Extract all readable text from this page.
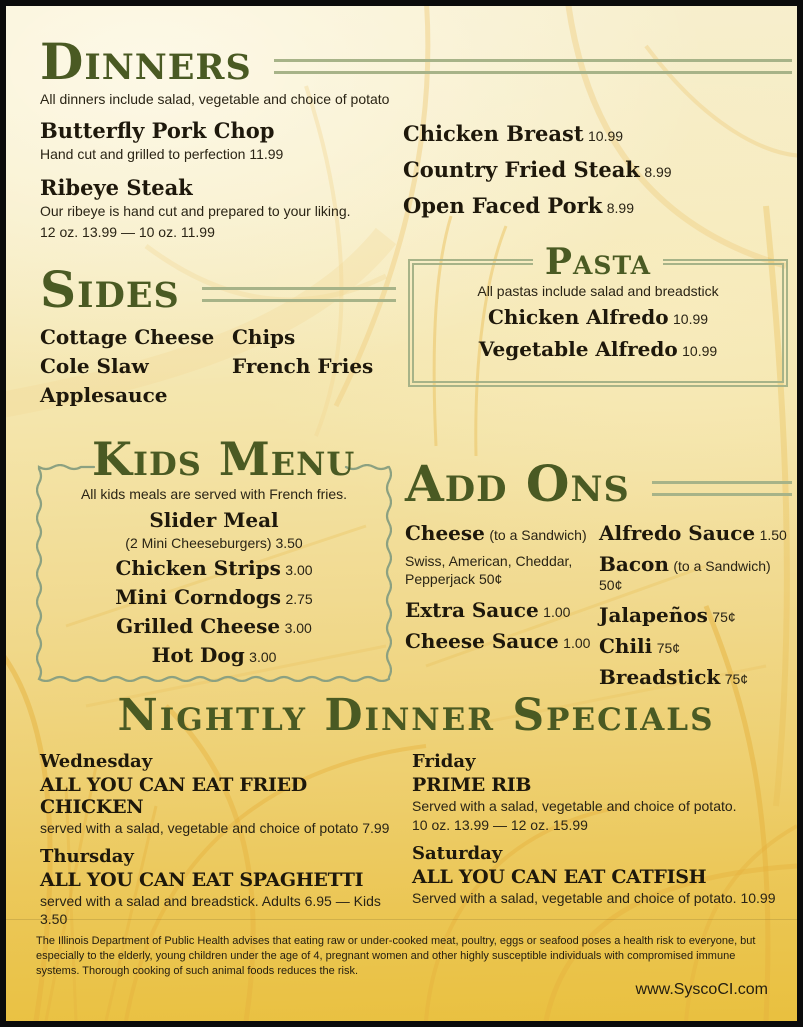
Dinners

All dinners include salad, vegetable and choice of potato

Butterfly Pork Chop

Hand cut and grilled to perfection 11.99

Ribeye Steak

Our ribeye is hand cut and prepared to your liking.

12 oz. 13.99 — 10 oz. 11.99

Chicken Breast 10.99

Country Fried Steak 8.99

Open Faced Pork 8.99

Sides
Cottage Cheese
Cole Slaw
Applesauce
Chips
French Fries
Pasta

All pastas include salad and breadstick

Chicken Alfredo 10.99

Vegetable Alfredo 10.99

Kids Menu

All kids meals are served with French fries.

Slider Meal

(2 Mini Cheeseburgers) 3.50

Chicken Strips 3.00
Mini Corndogs 2.75
Grilled Cheese 3.00
Hot Dog 3.00
Add Ons

Cheese (to a Sandwich)

Swiss, American, Cheddar, Pepperjack 50¢

Extra Sauce 1.00

Cheese Sauce 1.00

Alfredo Sauce 1.50

Bacon (to a Sandwich) 50¢

Jalapeños 75¢

Chili 75¢

Breadstick 75¢

Nightly Dinner Specials

Wednesday

ALL YOU CAN EAT FRIED CHICKEN

served with a salad, vegetable and choice of potato 7.99

Thursday

ALL YOU CAN EAT SPAGHETTI

served with a salad and breadstick. Adults 6.95 — Kids 3.50

Friday

PRIME RIB

Served with a salad, vegetable and choice of potato.

10 oz. 13.99 — 12 oz. 15.99

Saturday

ALL YOU CAN EAT CATFISH

Served with a salad, vegetable and choice of potato. 10.99

The Illinois Department of Public Health advises that eating raw or under-cooked meat, poultry, eggs or seafood poses a health risk to everyone, but especially to the elderly, young children under the age of 4, pregnant women and other highly susceptible individuals with compromised immune systems. Thorough cooking of such animal foods reduces the risk.

www.SyscoCI.com
